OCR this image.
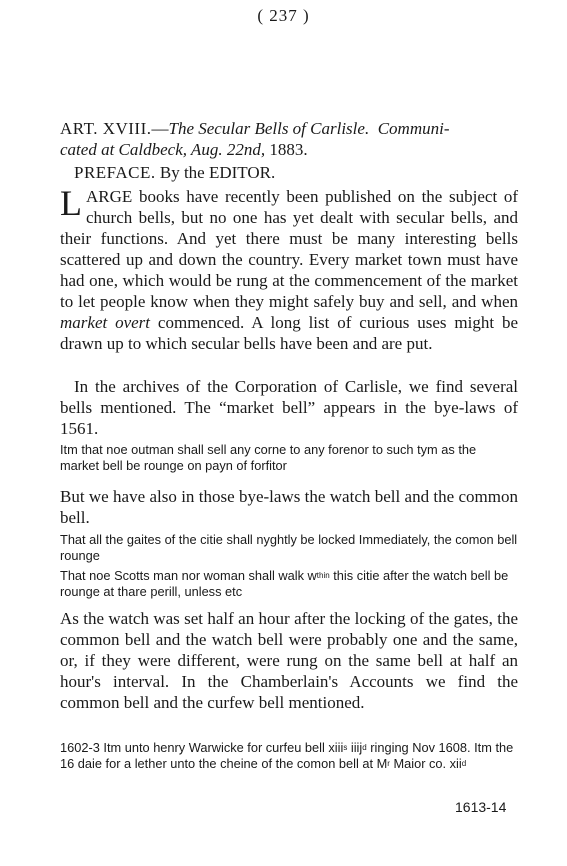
( 237 )

ART. XVIII.—The Secular Bells of Carlisle. Communi-
cated at Caldbeck, Aug. 22nd, 1883.

PREFACE. By the EDITOR.

LARGE books have recently been published on the subject of church bells, but no one has yet dealt with secular bells, and their functions. And yet there must be many interesting bells scattered up and down the country. Every market town must have had one, which would be rung at the commencement of the market to let people know when they might safely buy and sell, and when market overt commenced. A long list of curious uses might be drawn up to which secular bells have been and are put.

In the archives of the Corporation of Carlisle, we find several bells mentioned. The “market bell” appears in the bye-laws of 1561.

Itm that noe outman shall sell any corne to any forenor to such tym as the market bell be rounge on payn of forfitor

But we have also in those bye-laws the watch bell and the common bell.

That all the gaites of the citie shall nyghtly be locked Immediately, the comon bell rounge

That noe Scotts man nor woman shall walk $w^{thin}$ this citie after the watch bell be rounge at thare perill, unless etc

As the watch was set half an hour after the locking of the gates, the common bell and the watch bell were probably one and the same, or, if they were different, were rung on the same bell at half an hour's interval. In the Chamberlain's Accounts we find the common bell and the curfew bell mentioned.

1602-3 Itm unto henry Warwicke for curfeu bell xiii$^s$ iiij$^d$ ringing Nov 1608. Itm the 16 daie for a lether unto the cheine of the comon bell at $M^r$ Maior co. xii$^d$

1613-14
